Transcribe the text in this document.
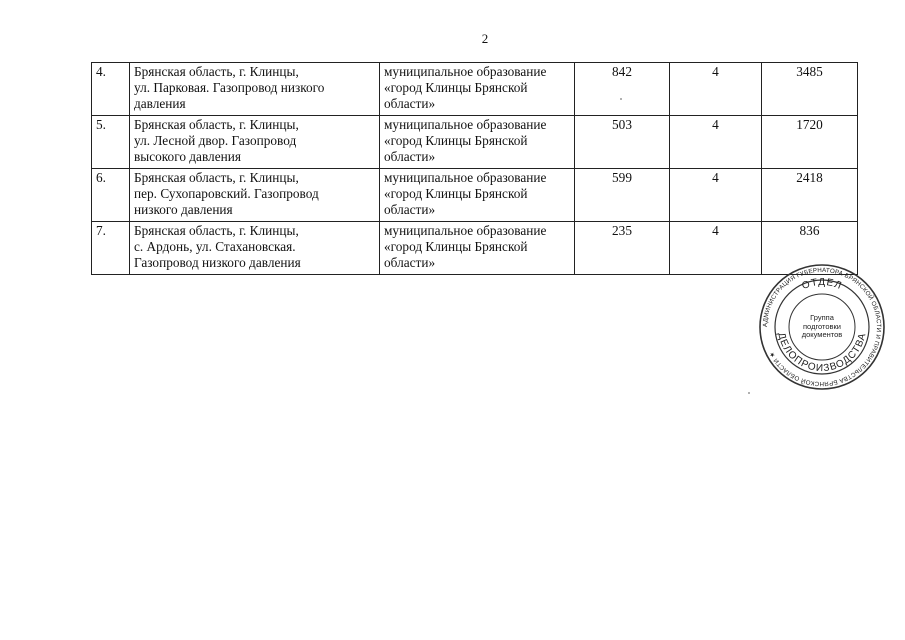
2
4.	Брянская область, г. Клинцы,
ул. Парковая. Газопровод низкого
давления	муниципальное образование
«город Клинцы Брянской
области»	842	4	3485
5.	Брянская область, г. Клинцы,
ул. Лесной двор. Газопровод
высокого давления	муниципальное образование
«город Клинцы Брянской
области»	503	4	1720
6.	Брянская область, г. Клинцы,
пер. Сухопаровский. Газопровод
низкого давления	муниципальное образование
«город Клинцы Брянской
области»	599	4	2418
7.	Брянская область, г. Клинцы,
с. Ардонь, ул. Стахановская.
Газопровод низкого давления	муниципальное образование
«город Клинцы Брянской
области»	235	4	836
АДМИНИСТРАЦИЯ ГУБЕРНАТОРА БРЯНСКОЙ ОБЛАСТИ И ПРАВИТЕЛЬСТВА БРЯНСКОЙ ОБЛАСТИ ★
ОТДЕЛ
ДЕЛОПРОИЗВОДСТВА
Группа
подготовки
документов
